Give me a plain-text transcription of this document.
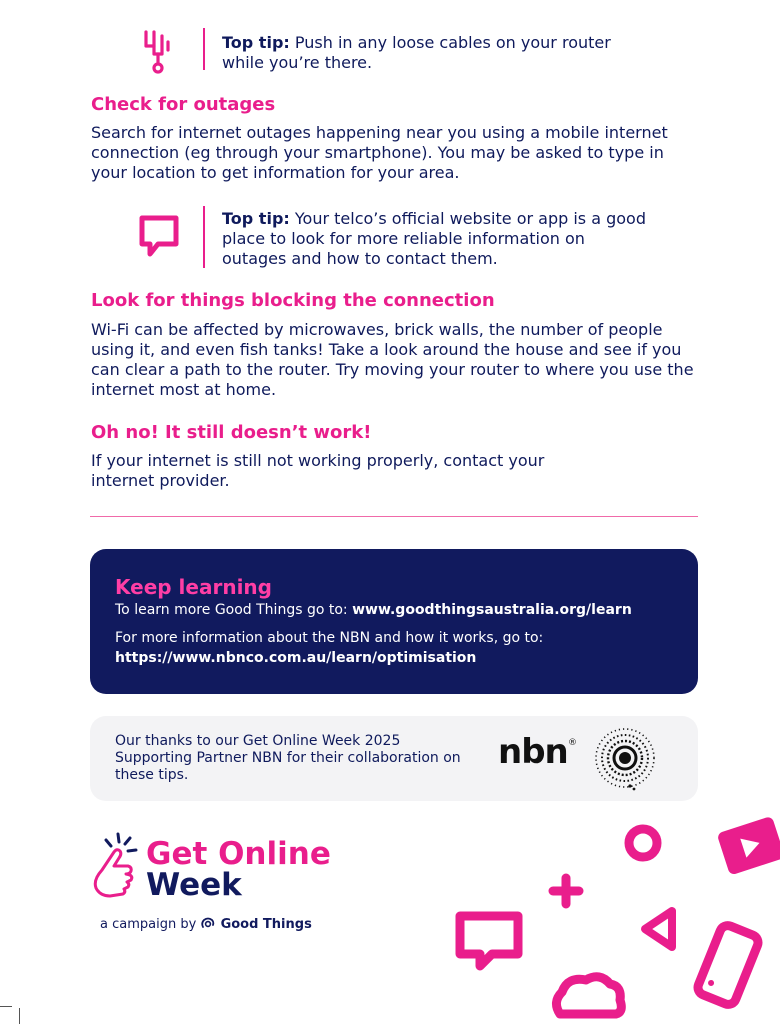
Top tip: Push in any loose cables on your router while you’re there.
Check for outages

Search for internet outages happening near you using a mobile internet connection (eg through your smartphone). You may be asked to type in your location to get information for your area.

Top tip: Your telco’s official website or app is a good place to look for more reliable information on outages and how to contact them.
Look for things blocking the connection

Wi-Fi can be affected by microwaves, brick walls, the number of people using it, and even fish tanks! Take a look around the house and see if you can clear a path to the router. Try moving your router to where you use the internet most at home.

Oh no! It still doesn’t work!

If your internet is still not working properly, contact your internet provider.

Keep learning
To learn more Good Things go to: www.goodthingsaustralia.org/learn
For more information about the NBN and how it works, go to:
https://www.nbnco.com.au/learn/optimisation
Our thanks to our Get Online Week 2025 Supporting Partner NBN for their collaboration on these tips.
nbn ®
Get Online
Week
a campaign by  Good Things
